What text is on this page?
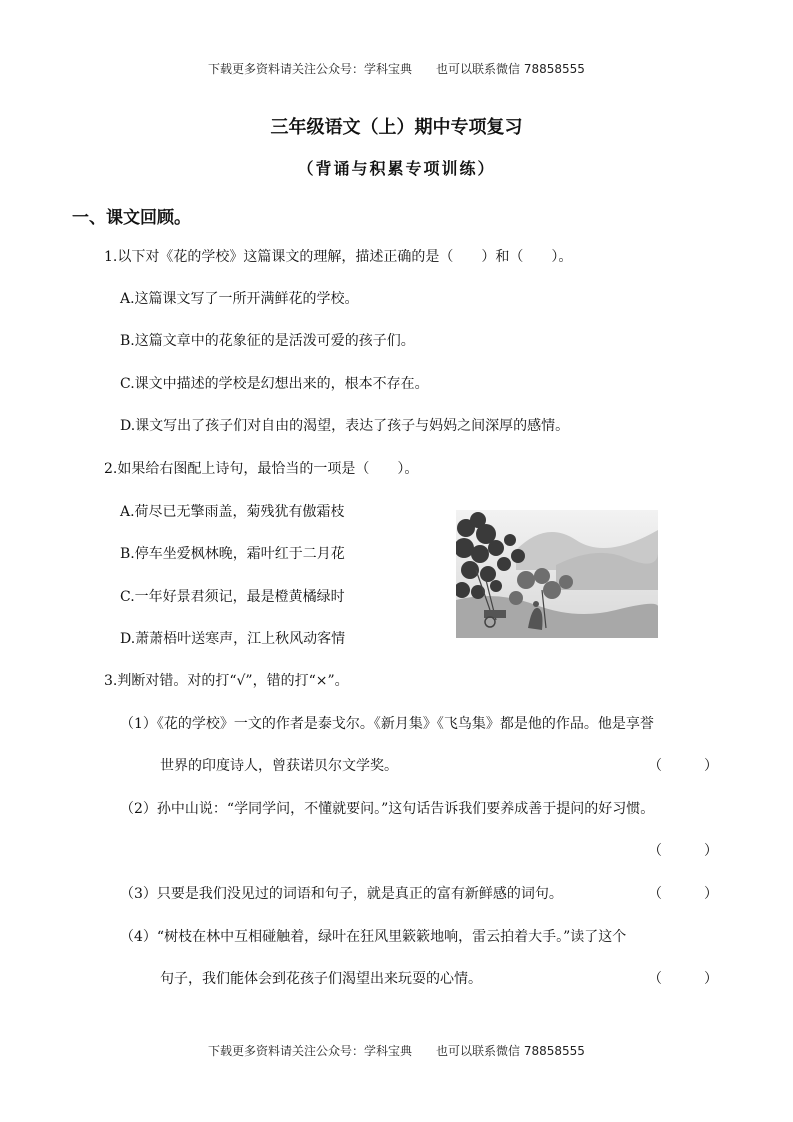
下载更多资料请关注公众号：学科宝典　　也可以联系微信 78858555
三年级语文（上）期中专项复习
（背诵与积累专项训练）
一、课文回顾。
1.以下对《花的学校》这篇课文的理解，描述正确的是（　　）和（　　）。
A.这篇课文写了一所开满鲜花的学校。
B.这篇文章中的花象征的是活泼可爱的孩子们。
C.课文中描述的学校是幻想出来的，根本不存在。
D.课文写出了孩子们对自由的渴望，表达了孩子与妈妈之间深厚的感情。
2.如果给右图配上诗句，最恰当的一项是（　　）。
A.荷尽已无擎雨盖，菊残犹有傲霜枝
B.停车坐爱枫林晚，霜叶红于二月花
C.一年好景君须记，最是橙黄橘绿时
D.萧萧梧叶送寒声，江上秋风动客情
3.判断对错。对的打“√”，错的打“×”。
（1）《花的学校》一文的作者是泰戈尔。《新月集》《飞鸟集》都是他的作品。他是享誉
世界的印度诗人，曾获诺贝尔文学奖。	（　　　）
（2）孙中山说：“学同学问，不懂就要问。”这句话告诉我们要养成善于提问的好习惯。
（　　　）
（3）只要是我们没见过的词语和句子，就是真正的富有新鲜感的词句。	（　　　）
（4）“树枝在林中互相碰触着，绿叶在狂风里簌簌地响，雷云拍着大手。”读了这个
句子，我们能体会到花孩子们渴望出来玩耍的心情。	（　　　）
下载更多资料请关注公众号：学科宝典　　也可以联系微信 78858555
